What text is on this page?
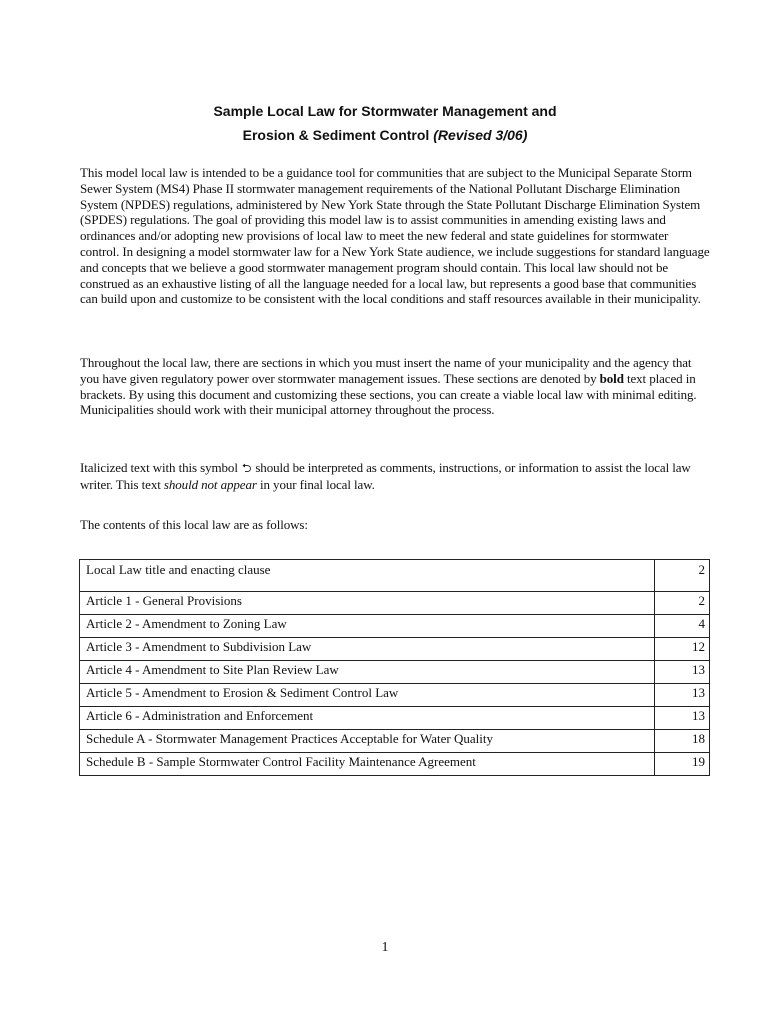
Sample Local Law for Stormwater Management and
Erosion & Sediment Control (Revised 3/06)

This model local law is intended to be a guidance tool for communities that are subject to the Municipal Separate Storm Sewer System (MS4) Phase II stormwater management requirements of the National Pollutant Discharge Elimination System (NPDES) regulations, administered by New York State through the State Pollutant Discharge Elimination System (SPDES) regulations. The goal of providing this model law is to assist communities in amending existing laws and ordinances and/or adopting new provisions of local law to meet the new federal and state guidelines for stormwater control. In designing a model stormwater law for a New York State audience, we include suggestions for standard language and concepts that we believe a good stormwater management program should contain. This local law should not be construed as an exhaustive listing of all the language needed for a local law, but represents a good base that communities can build upon and customize to be consistent with the local conditions and staff resources available in their municipality.

Throughout the local law, there are sections in which you must insert the name of your municipality and the agency that you have given regulatory power over stormwater management issues. These sections are denoted by bold text placed in brackets. By using this document and customizing these sections, you can create a viable local law with minimal editing. Municipalities should work with their municipal attorney throughout the process.

Italicized text with this symbol ⮌ should be interpreted as comments, instructions, or information to assist the local law writer. This text should not appear in your final local law.

The contents of this local law are as follows:

Local Law title and enacting clause	2
Article 1 - General Provisions	2
Article 2 - Amendment to Zoning Law	4
Article 3 - Amendment to Subdivision Law	12
Article 4 - Amendment to Site Plan Review Law	13
Article 5 - Amendment to Erosion & Sediment Control Law	13
Article 6 - Administration and Enforcement	13
Schedule A - Stormwater Management Practices Acceptable for Water Quality	18
Schedule B - Sample Stormwater Control Facility Maintenance Agreement	19
1
